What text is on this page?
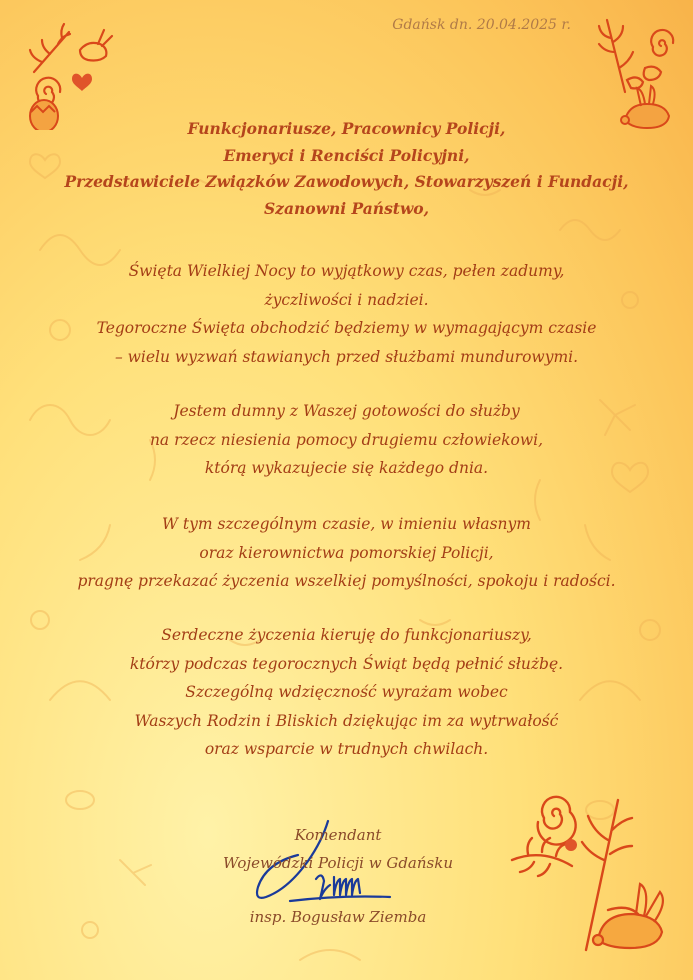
Gdańsk dn. 20.04.2025 r.

Funkcjonariusze, Pracownicy Policji,
Emeryci i Renciści Policyjni,
Przedstawiciele Związków Zawodowych, Stowarzyszeń i Fundacji,
Szanowni Państwo,
Święta Wielkiej Nocy to wyjątkowy czas, pełen zadumy,
życzliwości i nadziei.
Tegoroczne Święta obchodzić będziemy w wymagającym czasie
– wielu wyzwań stawianych przed służbami mundurowymi.
Jestem dumny z Waszej gotowości do służby
na rzecz niesienia pomocy drugiemu człowiekowi,
którą wykazujecie się każdego dnia.
W tym szczególnym czasie, w imieniu własnym
oraz kierownictwa pomorskiej Policji,
pragnę przekazać życzenia wszelkiej pomyślności, spokoju i radości.
Serdeczne życzenia kieruję do funkcjonariuszy,
którzy podczas tegorocznych Świąt będą pełnić służbę.
Szczególną wdzięczność wyrażam wobec
Waszych Rodzin i Bliskich dziękując im za wytrwałość
oraz wsparcie w trudnych chwilach.
Komendant
Wojewódzki Policji w Gdańsku
insp. Bogusław Ziemba
